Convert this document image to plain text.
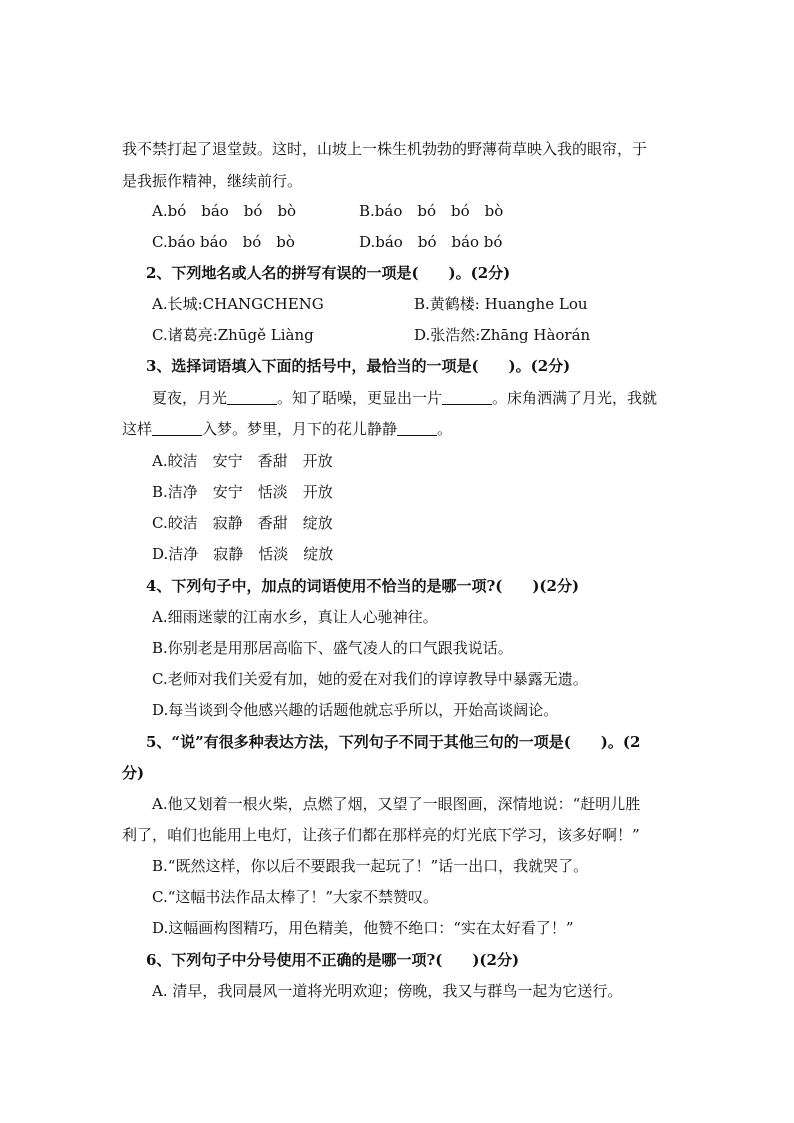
我不禁打起了退堂鼓。这时，山坡上一株生机勃勃的野薄荷草映入我的眼帘，于
是我振作精神，继续前行。
A.bó　báo　bó　bò	B.báo　bó　bó　bò
C.báo báo　bó　bò	D.báo　bó　báo bó
2、下列地名或人名的拼写有误的一项是(　　)。(2分)
A.长城:CHANGCHENG	B.黄鹤楼: Huanghe Lou
C.诸葛亮:Zhūgě Liàng	D.张浩然:Zhāng Hàorán
3、选择词语填入下面的括号中，最恰当的一项是(　　)。(2分)
夏夜，月光	。知了聒噪，更显出一片	。床角洒满了月光，我就
这样	入梦。梦里，月下的花儿静静	。
A.皎洁　安宁　香甜　开放
B.洁净　安宁　恬淡　开放
C.皎洁　寂静　香甜　绽放
D.洁净　寂静　恬淡　绽放
4、下列句子中，加点的词语使用不恰当的是哪一项?(　　)(2分)
A.细雨迷蒙的江南水乡，真让人心驰神往。
B.你别老是用那居高临下、盛气凌人的口气跟我说话。
C.老师对我们关爱有加，她的爱在对我们的谆谆教导中暴露无遗。
D.每当谈到令他感兴趣的话题他就忘乎所以，开始高谈阔论。
5、“说”有很多种表达方法，下列句子不同于其他三句的一项是(　　)。(2
分)
A.他又划着一根火柴，点燃了烟，又望了一眼图画，深情地说：“赶明儿胜
利了，咱们也能用上电灯，让孩子们都在那样亮的灯光底下学习，该多好啊！”
B.“既然这样，你以后不要跟我一起玩了！”话一出口，我就哭了。
C.“这幅书法作品太棒了！”大家不禁赞叹。
D.这幅画构图精巧，用色精美，他赞不绝口：“实在太好看了！”
6、下列句子中分号使用不正确的是哪一项?(　　)(2分)
A. 清早，我同晨风一道将光明欢迎；傍晚，我又与群鸟一起为它送行。
